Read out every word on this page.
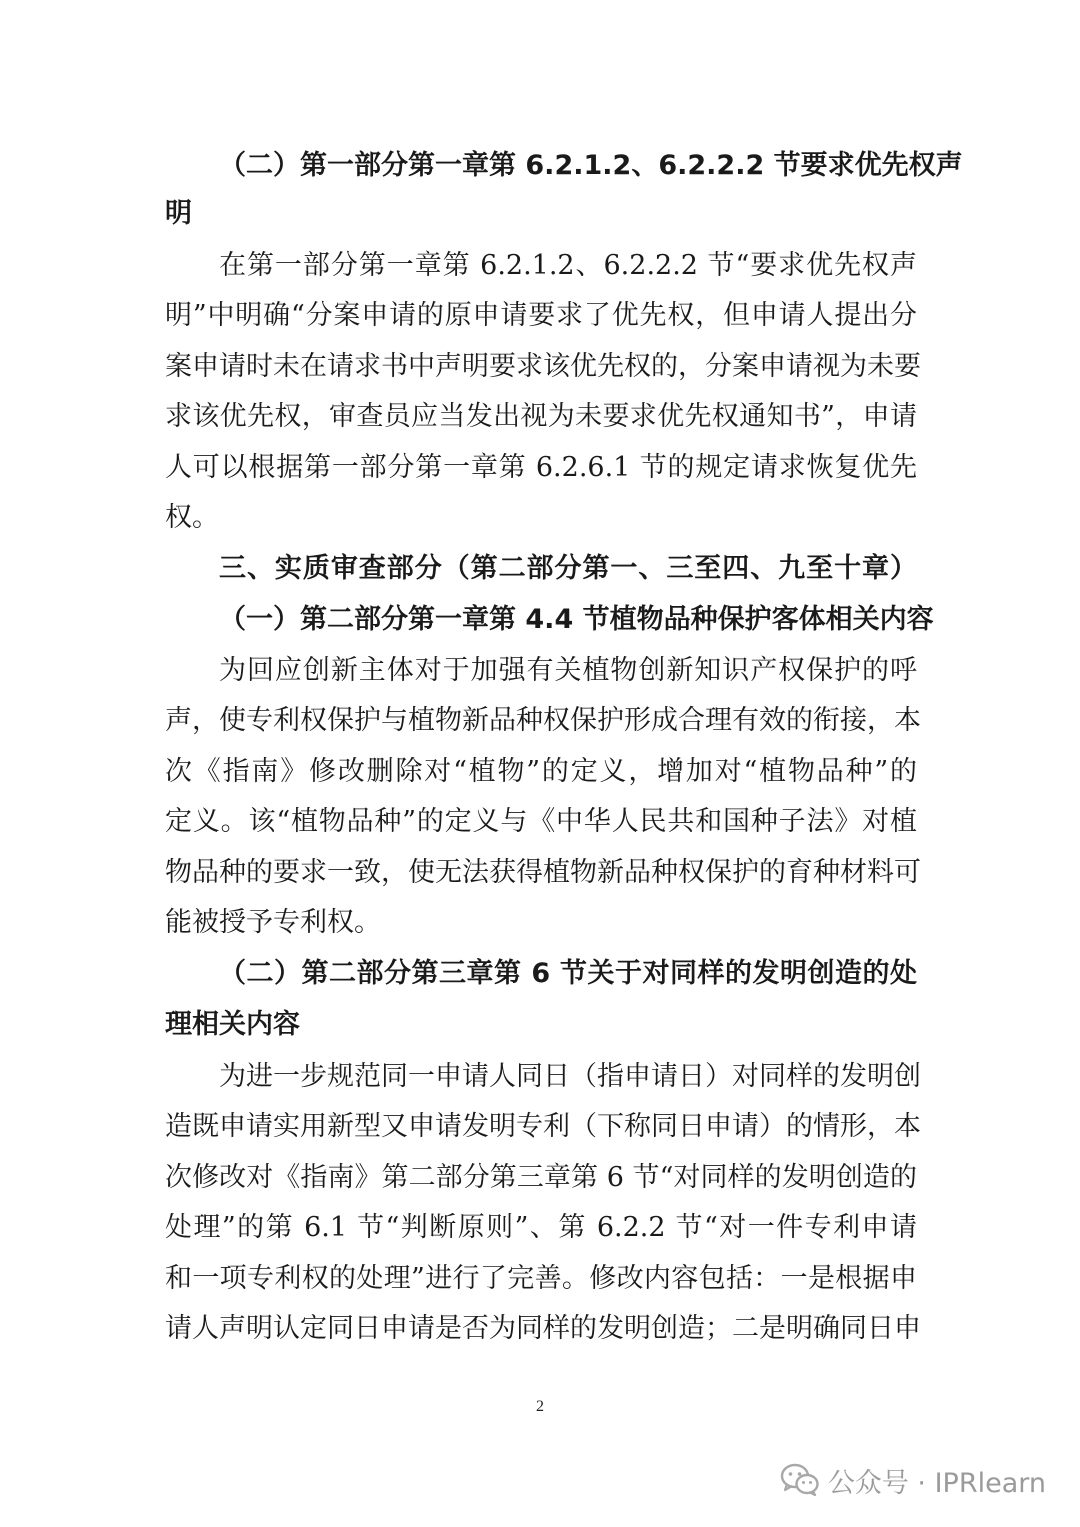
（二）第一部分第一章第 6.2.1.2、6.2.2.2 节要求优先权声
明
在第一部分第一章第 6.2.1.2、6.2.2.2 节“要求优先权声
明”中明确“分案申请的原申请要求了优先权，但申请人提出分
案申请时未在请求书中声明要求该优先权的，分案申请视为未要
求该优先权，审查员应当发出视为未要求优先权通知书”，申请
人可以根据第一部分第一章第 6.2.6.1 节的规定请求恢复优先
权。
三、实质审查部分（第二部分第一、三至四、九至十章）
（一）第二部分第一章第 4.4 节植物品种保护客体相关内容
为回应创新主体对于加强有关植物创新知识产权保护的呼
声，使专利权保护与植物新品种权保护形成合理有效的衔接，本
次《指南》修改删除对“植物”的定义，增加对“植物品种”的
定义。该“植物品种”的定义与《中华人民共和国种子法》对植
物品种的要求一致，使无法获得植物新品种权保护的育种材料可
能被授予专利权。
（二）第二部分第三章第 6 节关于对同样的发明创造的处
理相关内容
为进一步规范同一申请人同日（指申请日）对同样的发明创
造既申请实用新型又申请发明专利（下称同日申请）的情形，本
次修改对《指南》第二部分第三章第 6 节“对同样的发明创造的
处理”的第 6.1 节“判断原则”、第 6.2.2 节“对一件专利申请
和一项专利权的处理”进行了完善。修改内容包括：一是根据申
请人声明认定同日申请是否为同样的发明创造；二是明确同日申
2
公众号 · IPRlearn
